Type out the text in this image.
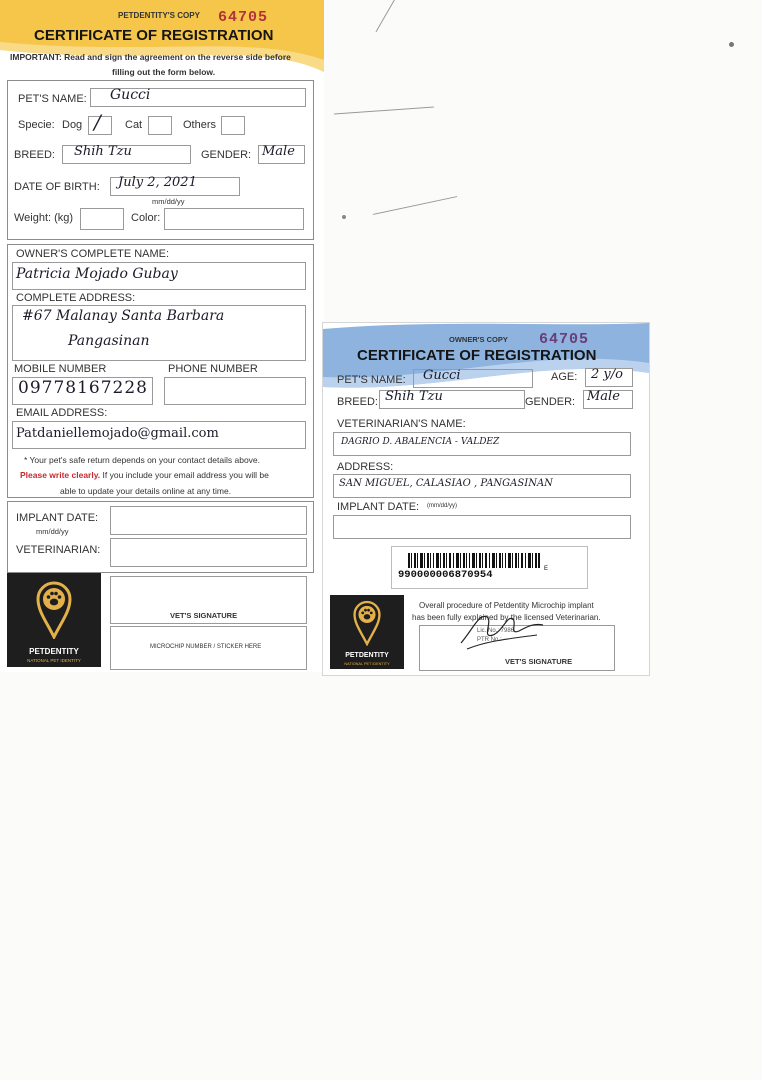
PETDENTITY'S COPY 64705
CERTIFICATE OF REGISTRATION
IMPORTANT: Read and sign the agreement on the reverse side before
filling out the form below.
PET'S NAME: Gucci
Specie: Dog / Cat	Others
BREED: Shih Tzu	GENDER: Male
DATE OF BIRTH: July 2, 2021
mm/dd/yy
Weight: (kg)	Color:
OWNER'S COMPLETE NAME:
Patricia Mojado Gubay
COMPLETE ADDRESS:
#67 Malanay Santa Barbara
Pangasinan
MOBILE NUMBER
09778167228
PHONE NUMBER
EMAIL ADDRESS:
Patdaniellemojado@gmail.com
* Your pet's safe return depends on your contact details above.
Please write clearly. If you include your email address you will be
able to update your details online at any time.
IMPLANT DATE:
mm/dd/yy
VETERINARIAN:
PETDENTITY
NATIONAL PET IDENTITY
VET'S SIGNATURE
MICROCHIP NUMBER / STICKER HERE
OWNER'S COPY 64705
CERTIFICATE OF REGISTRATION
PET'S NAME: Gucci	AGE: 2 y/o
BREED: Shih Tzu	GENDER: Male
VETERINARIAN'S NAME:
DAGRIO D. ABALENCIA - VALDEZ
ADDRESS:
SAN MIGUEL, CALASIAO , PANGASINAN
IMPLANT DATE: (mm/dd/yy)
990000006870954	E
PETDENTITY
NATIONAL PET IDENTITY
Overall procedure of Petdentity Microchip implant
has been fully explained by the licensed Veterinarian.
Lic. No.: 7986
PTR No.:
VET'S SIGNATURE
